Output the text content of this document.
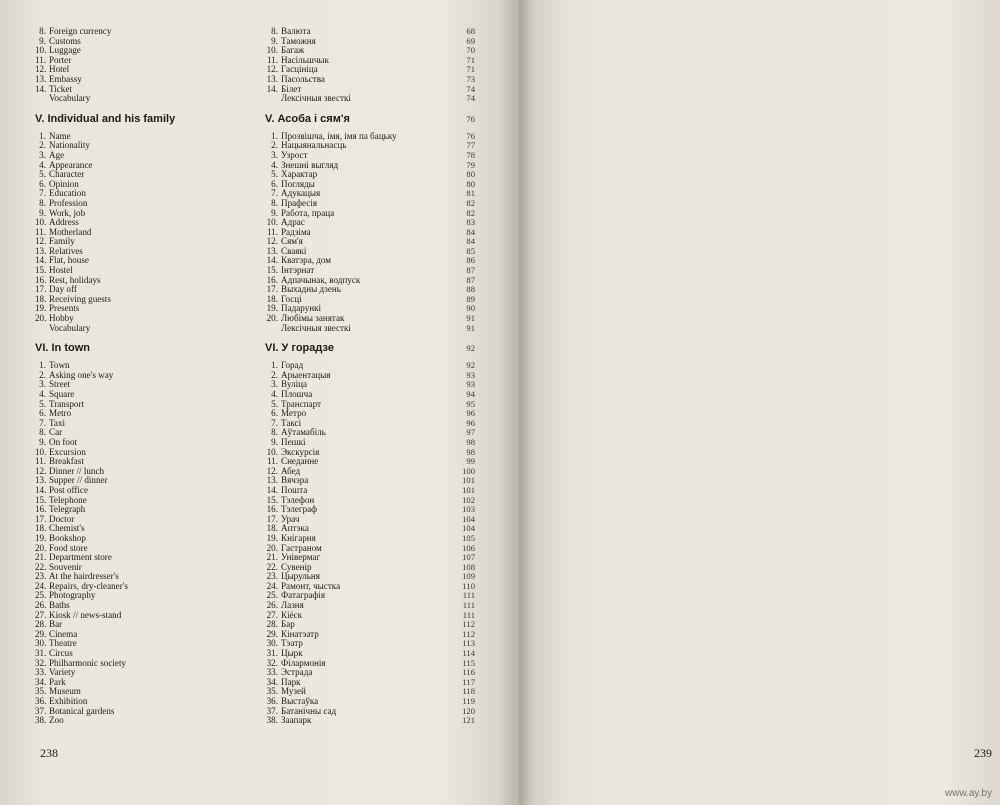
8. Foreign currency
9. Customs
10. Luggage
11. Porter
12. Hotel
13. Embassy
14. Ticket
Vocabulary
V. Individual and his family
1. Name
2. Nationality
3. Age
4. Appearance
5. Character
6. Opinion
7. Education
8. Profession
9. Work, job
10. Address
11. Motherland
12. Family
13. Relatives
14. Flat, house
15. Hostel
16. Rest, holidays
17. Day off
18. Receiving guests
19. Presents
20. Hobby
Vocabulary
VI. In town
1. Town
2. Asking one's way
3. Street
4. Square
5. Transport
6. Metro
7. Taxi
8. Car
9. On foot
10. Excursion
11. Breakfast
12. Dinner // lunch
13. Supper // dinner
14. Post office
15. Telephone
16. Telegraph
17. Doctor
18. Chemist's
19. Bookshop
20. Food store
21. Department store
22. Souvenir
23. At the hairdresser's
24. Repairs, dry-cleaner's
25. Photography
26. Baths
27. Kiosk // news-stand
28. Bar
29. Cinema
30. Theatre
31. Circus
32. Philharmonic society
33. Variety
34. Park
35. Museum
36. Exhibition
37. Botanical gardens
38. Zoo
8. Валюта	68
9. Таможня	69
10. Багаж	70
11. Насільшчык	71
12. Гасцініца	71
13. Пасольства	73
14. Білет	74
Лексічныя звесткі	74
V. Асоба і сям'я	76
1. Прозвішча, імя, імя па бацьку	76
2. Нацыянальнасць	77
3. Узрост	78
4. Знешні выгляд	79
5. Характар	80
6. Погляды	80
7. Адукацыя	81
8. Прафесія	82
9. Работа, праца	82
10. Адрас	83
11. Радзіма	84
12. Сям'я	84
13. Сваякі	85
14. Кватэра, дом	86
15. Інтэрнат	87
16. Адпачынак, водпуск	87
17. Выхадны дзень	88
18. Госці	89
19. Падарункі	90
20. Любімы занятак	91
Лексічныя звесткі	91
VI. У горадзе	92
1. Горад	92
2. Арыентацыя	93
3. Вуліца	93
4. Плошча	94
5. Транспарт	95
6. Метро	96
7. Таксі	96
8. Аўтамабіль	97
9. Пешкі	98
10. Экскурсія	98
11. Снеданне	99
12. Абед	100
13. Вячэра	101
14. Пошта	101
15. Тэлефон	102
16. Тэлеграф	103
17. Урач	104
18. Аптэка	104
19. Кнігарня	105
20. Гастраном	106
21. Універмаг	107
22. Сувенір	108
23. Цырульня	109
24. Рамонт, чыстка	110
25. Фатаграфія	111
26. Лазня	111
27. Кіёск	111
28. Бар	112
29. Кінатэатр	112
30. Тэатр	113
31. Цырк	114
32. Філармонія	115
33. Эстрада	116
34. Парк	117
35. Музей	118
36. Выстаўка	119
37. Батанічны сад	120
38. Заапарк	121
238	239
www.ay.by
